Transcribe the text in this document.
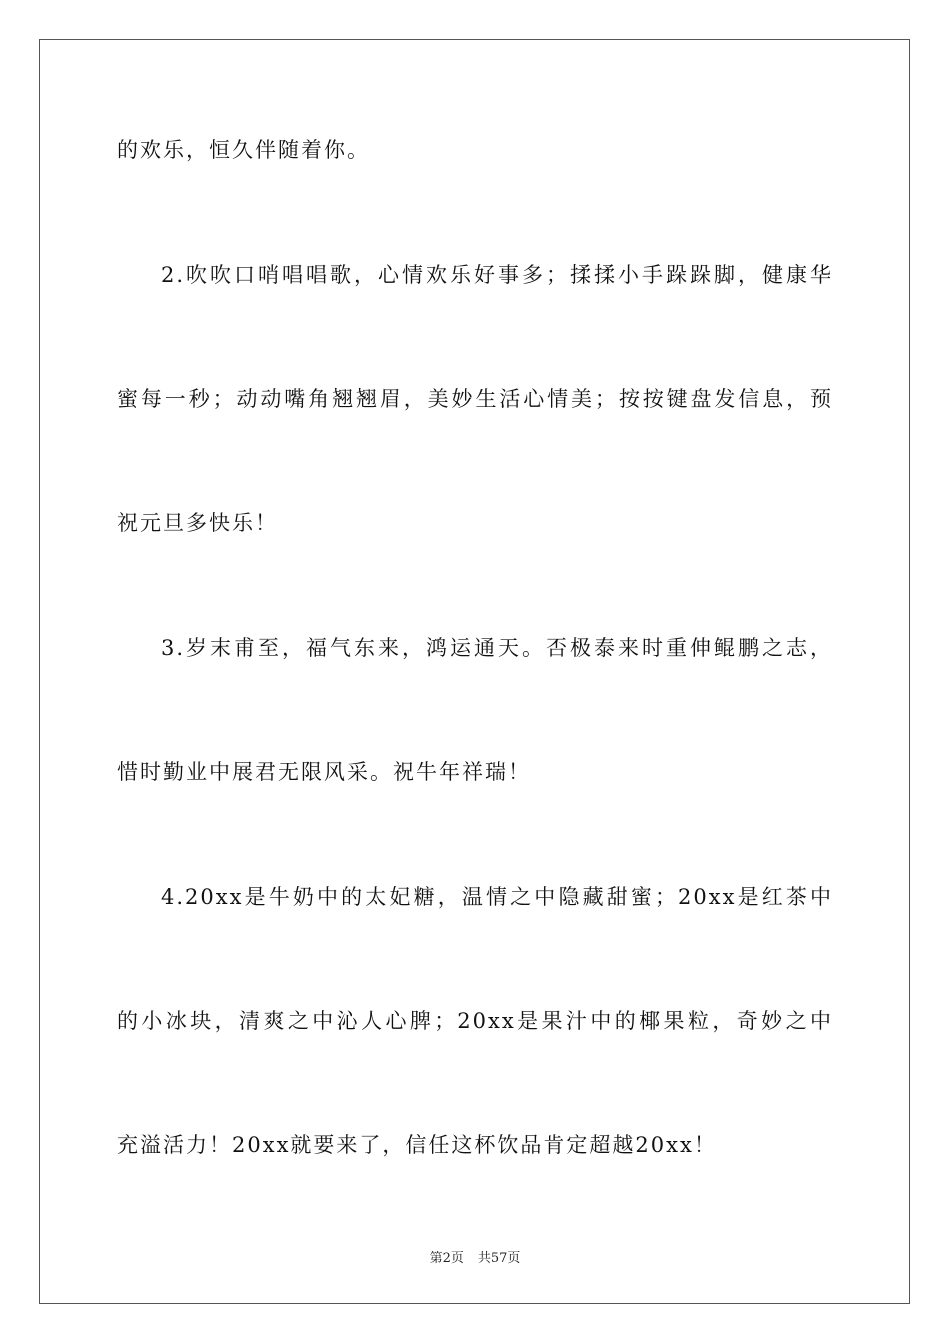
的欢乐，恒久伴随着你。
2.吹吹口哨唱唱歌，心情欢乐好事多；揉揉小手跺跺脚，健康华
蜜每一秒；动动嘴角翘翘眉，美妙生活心情美；按按键盘发信息，预
祝元旦多快乐！
3.岁末甫至，福气东来，鸿运通天。否极泰来时重伸鲲鹏之志，
惜时勤业中展君无限风采。祝牛年祥瑞！
4.20xx是牛奶中的太妃糖，温情之中隐藏甜蜜；20xx是红茶中
的小冰块，清爽之中沁人心脾；20xx是果汁中的椰果粒，奇妙之中
充溢活力！20xx就要来了，信任这杯饮品肯定超越20xx！
第2页 共57页
